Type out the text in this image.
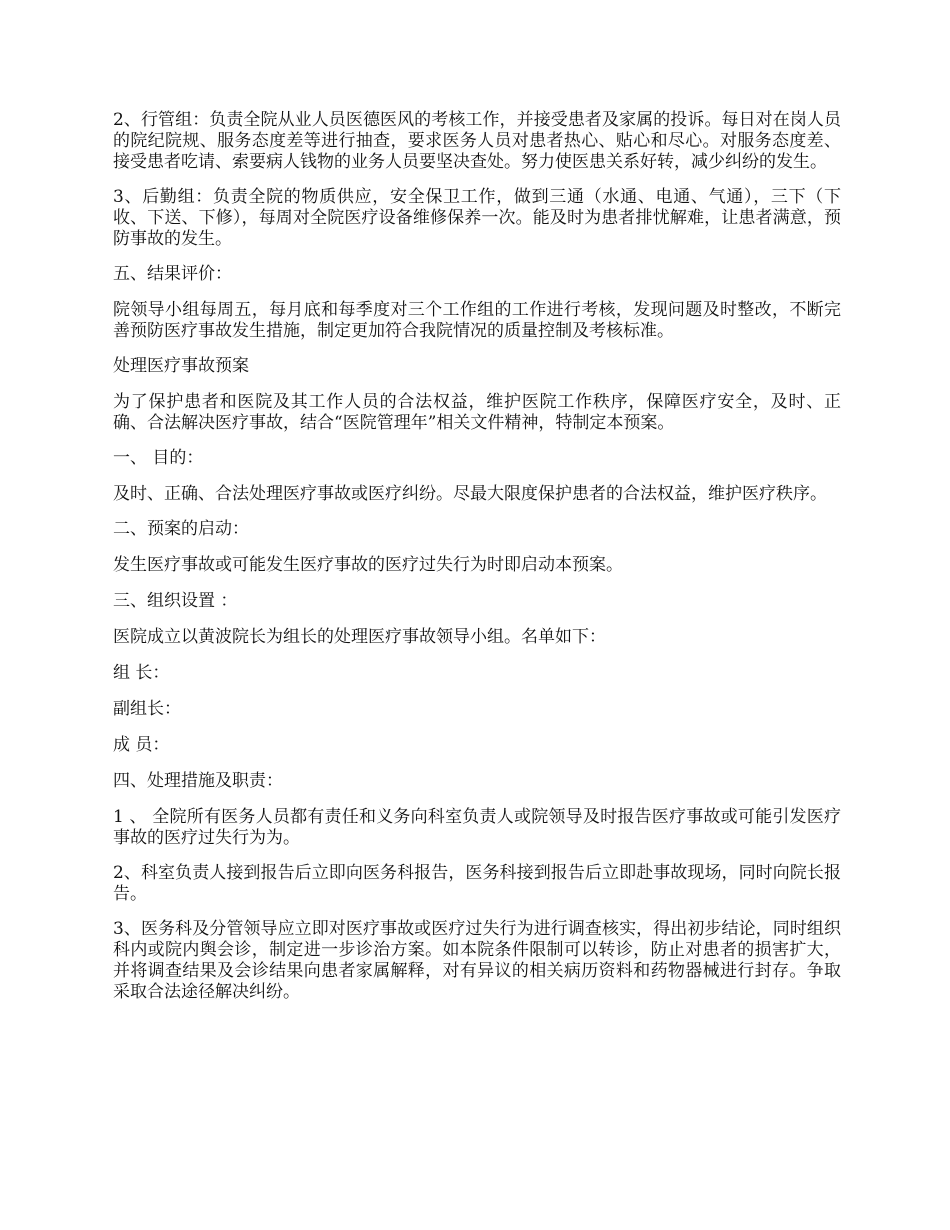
2、行管组：负责全院从业人员医德医风的考核工作，并接受患者及家属的投诉。每日对在岗人员的院纪院规、服务态度差等进行抽查，要求医务人员对患者热心、贴心和尽心。对服务态度差、接受患者吃请、索要病人钱物的业务人员要坚决查处。努力使医患关系好转，减少纠纷的发生。

3、后勤组：负责全院的物质供应，安全保卫工作，做到三通（水通、电通、气通），三下（下收、下送、下修），每周对全院医疗设备维修保养一次。能及时为患者排忧解难，让患者满意，预防事故的发生。

五、结果评价：

院领导小组每周五，每月底和每季度对三个工作组的工作进行考核，发现问题及时整改，不断完善预防医疗事故发生措施，制定更加符合我院情况的质量控制及考核标准。

处理医疗事故预案

为了保护患者和医院及其工作人员的合法权益，维护医院工作秩序，保障医疗安全，及时、正确、合法解决医疗事故，结合“医院管理年”相关文件精神，特制定本预案。

一、 目的：

及时、正确、合法处理医疗事故或医疗纠纷。尽最大限度保护患者的合法权益，维护医疗秩序。

二、预案的启动：

发生医疗事故或可能发生医疗事故的医疗过失行为时即启动本预案。

三、组织设置 ：

医院成立以黄波院长为组长的处理医疗事故领导小组。名单如下：

组 长：

副组长：

成 员：

四、处理措施及职责：

1 、 全院所有医务人员都有责任和义务向科室负责人或院领导及时报告医疗事故或可能引发医疗事故的医疗过失行为为。

2、科室负责人接到报告后立即向医务科报告，医务科接到报告后立即赴事故现场，同时向院长报告。

3、医务科及分管领导应立即对医疗事故或医疗过失行为进行调查核实，得出初步结论，同时组织科内或院内舆会诊，制定进一步诊治方案。如本院条件限制可以转诊，防止对患者的损害扩大，并将调查结果及会诊结果向患者家属解释，对有异议的相关病历资料和药物器械进行封存。争取采取合法途径解决纠纷。
